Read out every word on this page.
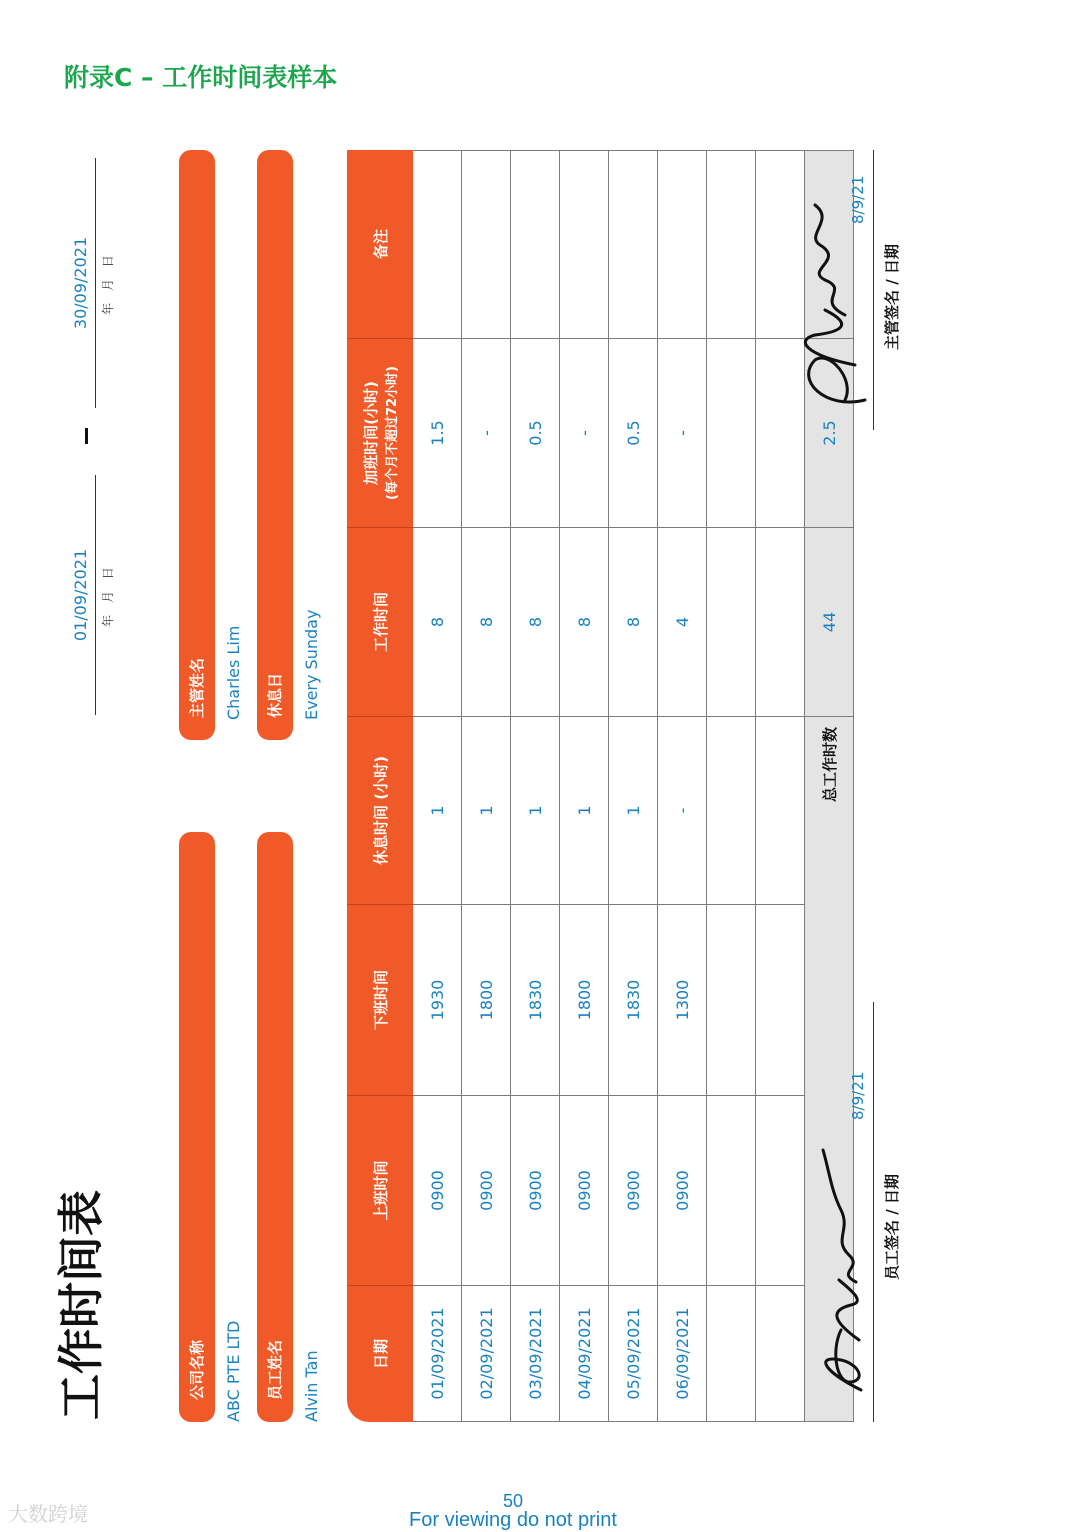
附录C – 工作时间表样本
工作时间表	公司名称	ABC PTE LTD	员工姓名	Alvin Tan
主管姓名	Charles Lim	休息日	Every Sunday
01/09/2021 年 月 日
30/09/2021 年 月 日
日期	上班时间	下班时间	休息时间 (小时)	工作时间	加班时间(小时) (每个月不超过72小时)	备注
01/09/2021	0900	1930	1	8	1.5	
02/09/2021	0900	1800	1	8	-	
03/09/2021	0900	1830	1	8	0.5	
04/09/2021	0900	1800	1	8	-	
05/09/2021	0900	1830	1	8	0.5	
06/09/2021	0900	1300	-	4	-	

总工作时数				44	2.5	
8/9/21
员工签名 / 日期
8/9/21
主管签名 / 日期
50
For viewing do not print
大数跨境
